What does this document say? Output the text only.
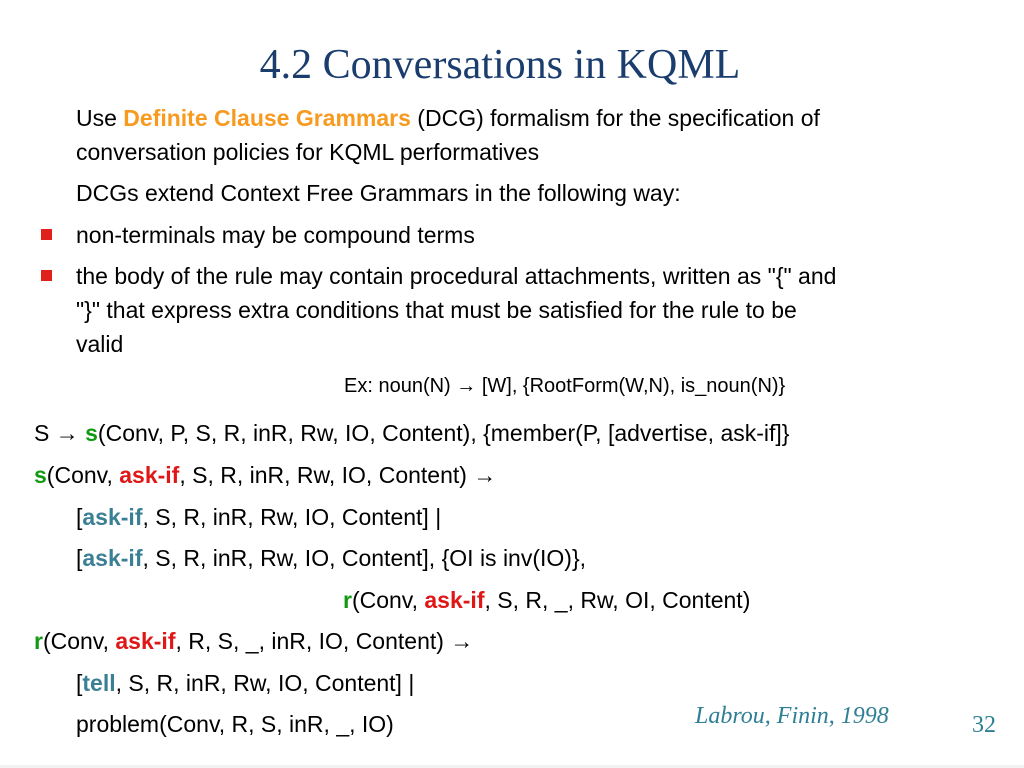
4.2 Conversations in KQML
Use Definite Clause Grammars (DCG) formalism for the specification of
conversation policies for KQML performatives
DCGs extend Context Free Grammars in the following way:
non-terminals may be compound terms
the body of the rule may contain procedural attachments, written as "{" and
"}" that express extra conditions that must be satisfied for the rule to be
valid
Ex: noun(N) → [W], {RootForm(W,N), is_noun(N)}
S → s(Conv, P, S, R, inR, Rw, IO, Content), {member(P, [advertise, ask-if]}
s(Conv, ask-if, S, R, inR, Rw, IO, Content) →
[ask-if, S, R, inR, Rw, IO, Content] |
[ask-if, S, R, inR, Rw, IO, Content], {OI is inv(IO)},
r(Conv, ask-if, S, R, _, Rw, OI, Content)
r(Conv, ask-if, R, S, _, inR, IO, Content) →
[tell, S, R, inR, Rw, IO, Content] |
problem(Conv, R, S, inR, _, IO)	Labrou, Finin, 1998	32
